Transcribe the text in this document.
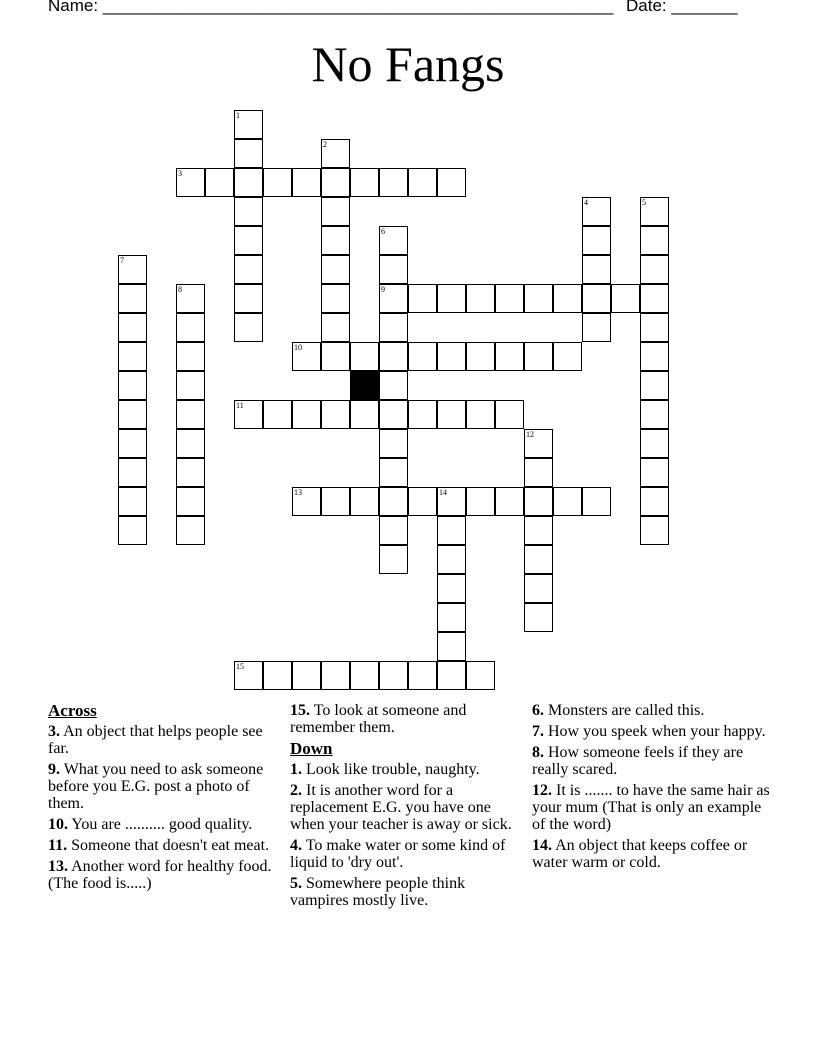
Name: ______________________________________________________ Date: _______
No Fangs
1
2
3
4	5
6
9
7
8
10
11
12
13	14
15
Across
3. An object that helps people see far.
9. What you need to ask someone before you E.G. post a photo of them.
10. You are .......... good quality.
11. Someone that doesn't eat meat.
13. Another word for healthy food. (The food is.....)
15. To look at someone and remember them.
Down
1. Look like trouble, naughty.
2. It is another word for a replacement E.G. you have one when your teacher is away or sick.
4. To make water or some kind of liquid to 'dry out'.
5. Somewhere people think vampires mostly live.
6. Monsters are called this.
7. How you speek when your happy.
8. How someone feels if they are really scared.
12. It is ....... to have the same hair as your mum (That is only an example of the word)
14. An object that keeps coffee or water warm or cold.
